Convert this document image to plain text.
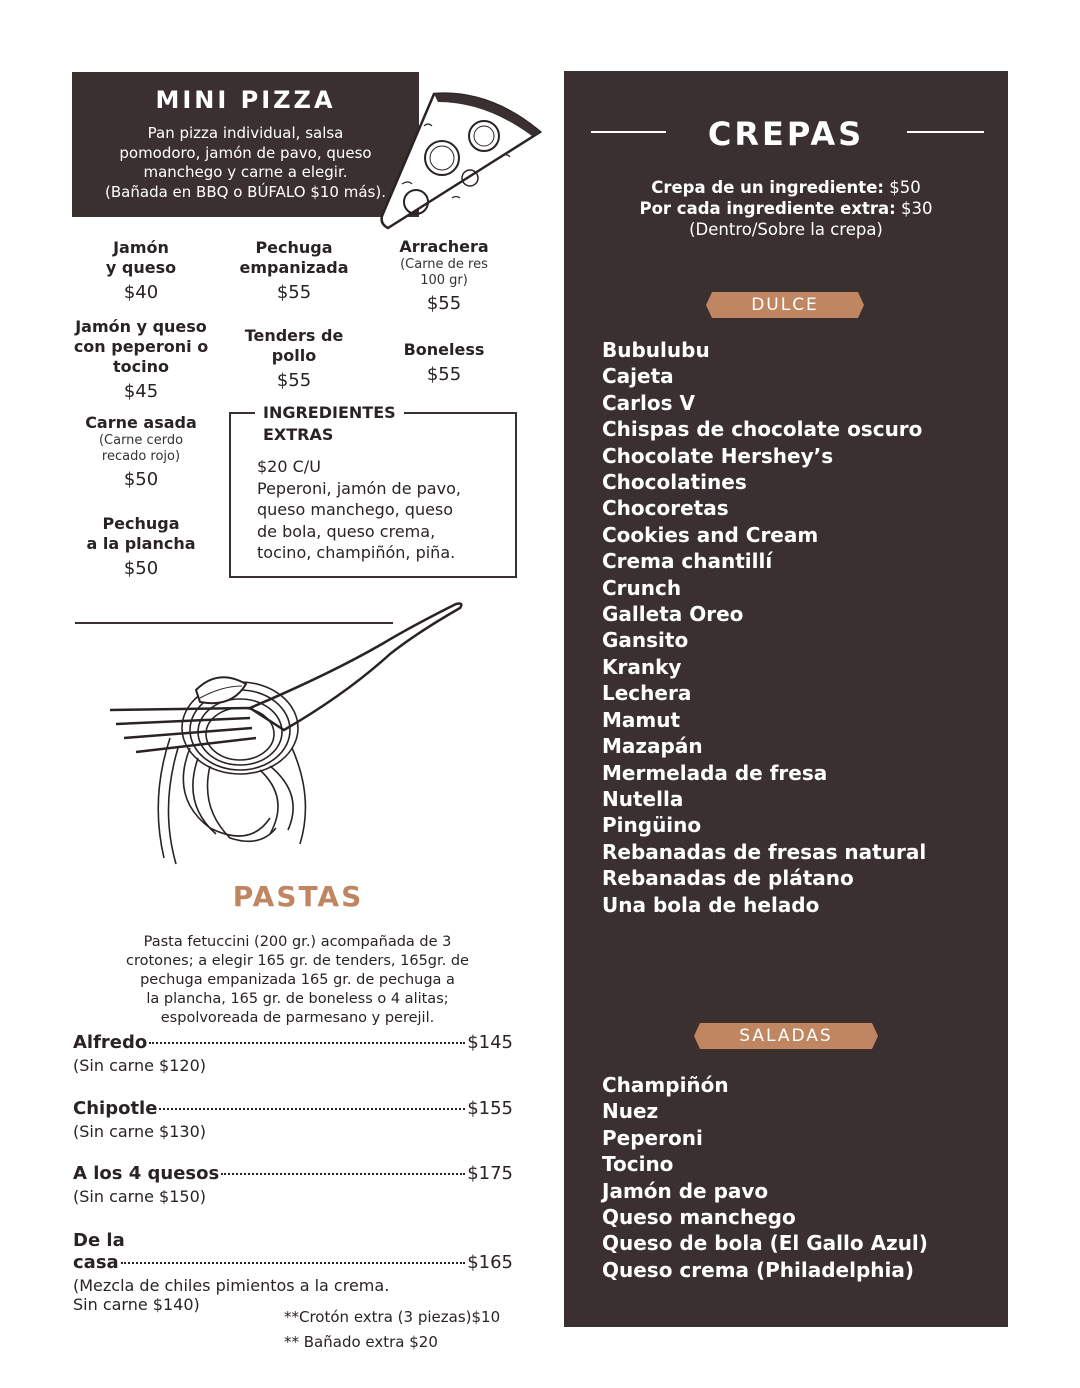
MINI PIZZA
Pan pizza individual, salsa
pomodoro, jamón de pavo, queso
manchego y carne a elegir.
(Bañada en BBQ o BÚFALO $10 más).
Jamón
y queso
$40
Pechuga
empanizada
$55
Arrachera
(Carne de res
100 gr)
$55
Jamón y queso
con peperoni o
tocino
$45
Tenders de
pollo
$55
Boneless
$55
Carne asada
(Carne cerdo
recado rojo)
$50
Pechuga
a la plancha
$50
INGREDIENTES
EXTRAS
$20 C/U
Peperoni, jamón de pavo,
queso manchego, queso
de bola, queso crema,
tocino, champiñón, piña.
PASTAS
Pasta fetuccini (200 gr.) acompañada de 3
crotones; a elegir 165 gr. de tenders, 165gr. de
pechuga empanizada 165 gr. de pechuga a
la plancha, 165 gr. de boneless o 4 alitas;
espolvoreada de parmesano y perejil.
Alfredo	$145
(Sin carne $120)
Chipotle	$155
(Sin carne $130)
A los 4 quesos	$175
(Sin carne $150)
De la
casa	$165
(Mezcla de chiles pimientos a la crema.
Sin carne $140)
**Crotón extra (3 piezas)$10
** Bañado extra $20
CREPAS
Crepa de un ingrediente: $50
Por cada ingrediente extra: $30
(Dentro/Sobre la crepa)
DULCE
Bubulubu
Cajeta
Carlos V
Chispas de chocolate oscuro
Chocolate Hershey’s
Chocolatines
Chocoretas
Cookies and Cream
Crema chantillí
Crunch
Galleta Oreo
Gansito
Kranky
Lechera
Mamut
Mazapán
Mermelada de fresa
Nutella
Pingüino
Rebanadas de fresas natural
Rebanadas de plátano
Una bola de helado
SALADAS
Champiñón
Nuez
Peperoni
Tocino
Jamón de pavo
Queso manchego
Queso de bola (El Gallo Azul)
Queso crema (Philadelphia)
